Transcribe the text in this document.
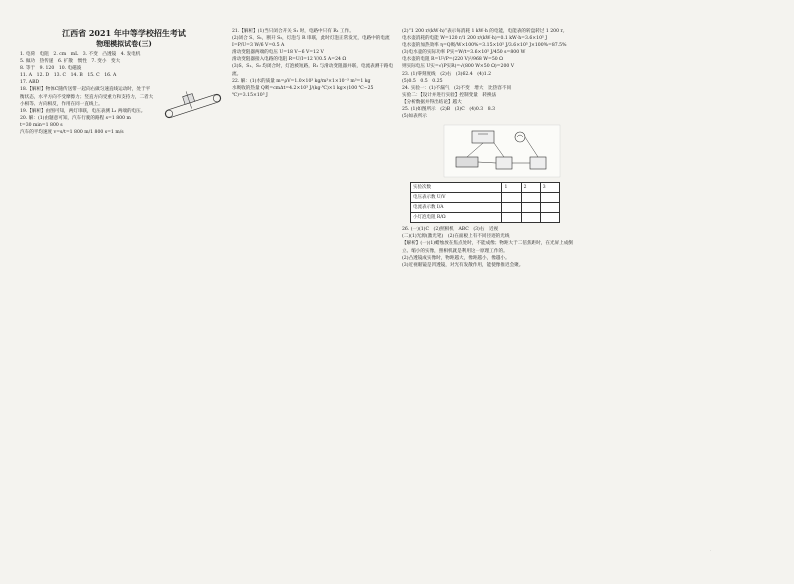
江西省 2021 年中等学校招生考试
物理模拟试卷(三)

1. 电荷　电阻　2. cm　mL　3. 不变　凸透镜　4. 发电机

5. 做功　热传递　6. 扩散　惯性　7. 变小　变大

8. 等于　9. 120　10. 电磁波

11. A　12. D　13. C　14. B　15. C　16. A

17. ABD

18.【解析】物体C随传送带一起向右做匀速直线运动时，处于平衡状态，水平方向不受摩擦力；竖直方向受重力和支持力，二者大小相等、方向相反，作用在同一直线上。

19.【解析】由图可知，两灯串联，电压表测 L₁ 两端的电压。

20. 解：(1)由题意可知，汽车行驶的路程 s=1 800 m

t=30 min=1 800 s

汽车的平均速度 v=s/t=1 800 m/1 800 s=1 m/s

21.【解析】(1)当只闭合开关 S₁ 时，电路中只有 R₁ 工作。

(2)闭合 S、S₁，断开 S₂，灯泡与 R 串联，此时灯泡正常发光，电路中的电流 I=P/U=3 W/6 V=0.5 A

滑动变阻器两端的电压 U=18 V−6 V=12 V

滑动变阻器接入电路的电阻 R=U/I=12 V/0.5 A=24 Ω

(3)S、S₁、S₂ 均闭合时，灯泡被短路，R₁ 与滑动变阻器并联，电流表测干路电流。

22. 解：(1)水的质量 m=ρV=1.0×10³ kg/m³×1×10⁻³ m³=1 kg

水吸收的热量 Q吸=cmΔt=4.2×10³ J/(kg·℃)×1 kg×(100 ℃−25 ℃)=3.15×10⁵ J

(2)“1 200 r/(kW·h)”表示每消耗 1 kW·h 的电能，电能表的转盘转过 1 200 r。

电水壶消耗的电能 W=120 r/1 200 r/(kW·h)=0.1 kW·h=3.6×10⁵ J

电水壶的加热效率 η=Q吸/W×100%=3.15×10⁵ J/3.6×10⁵ J×100%=87.5%

(3)电水壶的实际功率 P实=W/t=3.6×10⁵ J/450 s=800 W

电水壶的电阻 R=U²/P=(220 V)²/968 W=50 Ω

则实际电压 U实=√(P实R)=√(800 W×50 Ω)=200 V

23. (1)零刻度线　(2)右　(3)62.4　(4)1.2

(5)0.5　0.5　0.25

24. 实验一：(1)不漏气　(2)不变　增大　比热容不同

实验二：【设计并进行实验】控制变量　转换法

【分析数据并得出结论】越大

25. (1)如图所示　(2)B　(3)C　(4)0.3　8.3

(5)如表所示

实验次数	1	2	3
电压表示数 U/V			
电流表示数 I/A			
小灯泡电阻 R/Ω			

26. (一)(1)C　(2)照相机　ABC　(3)右　近视

(二)(1)光源(激光笔)　(2)在面板上有不同径迹的光线

【解析】(一)(1)蜡烛放在焦点处时，不能成像；物距大于二倍焦距时，在光屏上成倒立、缩小的实像，照相机就是利用这一原理工作的。

(2)凸透镜成实像时，物距越大，像距越小，像越小。

(3)近视眼镜是凹透镜，对光有发散作用，能使像推迟会聚。

·
